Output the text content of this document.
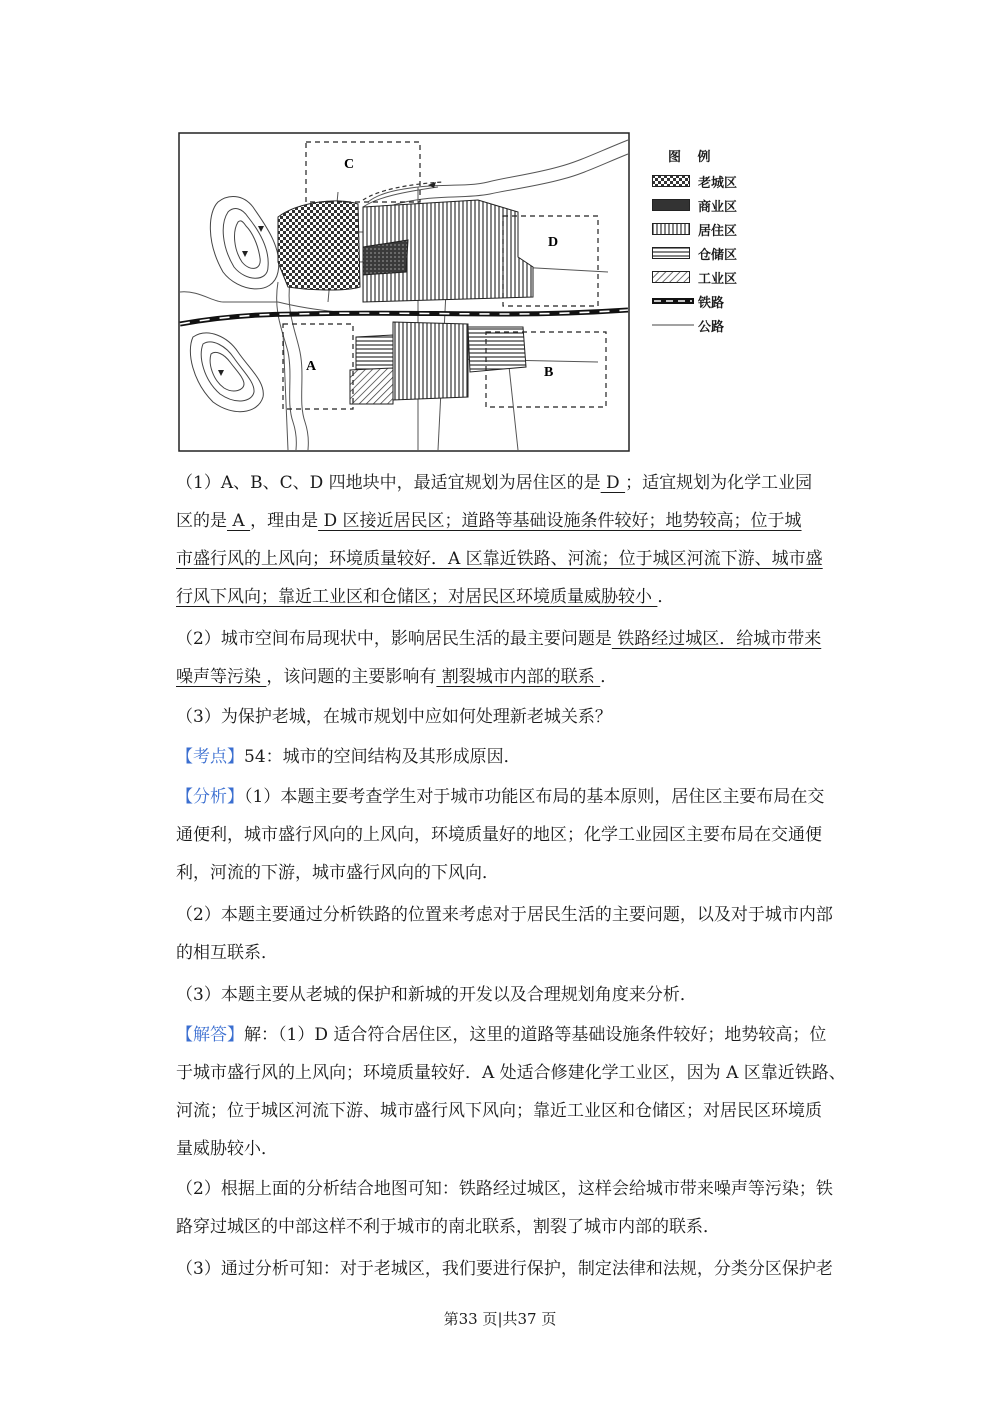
C
D
A	B
图 例
老城区
商业区
居住区
仓储区
工业区
铁路
公路
（1）A、B、C、D 四地块中，最适宜规划为居住区的是 D ；适宜规划为化学工业园
区的是 A ，理由是 D 区接近居民区；道路等基础设施条件较好；地势较高；位于城
市盛行风的上风向；环境质量较好．A 区靠近铁路、河流；位于城区河流下游、城市盛
行风下风向；靠近工业区和仓储区；对居民区环境质量威胁较小 ．
（2）城市空间布局现状中，影响居民生活的最主要问题是 铁路经过城区．给城市带来
噪声等污染 ，该问题的主要影响有 割裂城市内部的联系 ．
（3）为保护老城，在城市规划中应如何处理新老城关系？
【考点】54：城市的空间结构及其形成原因．
【分析】（1）本题主要考查学生对于城市功能区布局的基本原则，居住区主要布局在交
通便利，城市盛行风向的上风向，环境质量好的地区；化学工业园区主要布局在交通便
利，河流的下游，城市盛行风向的下风向．
（2）本题主要通过分析铁路的位置来考虑对于居民生活的主要问题，以及对于城市内部
的相互联系．
（3）本题主要从老城的保护和新城的开发以及合理规划角度来分析．
【解答】解：（1）D 适合符合居住区，这里的道路等基础设施条件较好；地势较高；位
于城市盛行风的上风向；环境质量较好．A 处适合修建化学工业区，因为 A 区靠近铁路、
河流；位于城区河流下游、城市盛行风下风向；靠近工业区和仓储区；对居民区环境质
量威胁较小．
（2）根据上面的分析结合地图可知：铁路经过城区，这样会给城市带来噪声等污染；铁
路穿过城区的中部这样不利于城市的南北联系，割裂了城市内部的联系．
（3）通过分析可知：对于老城区，我们要进行保护，制定法律和法规，分类分区保护老
第33 页|共37 页
